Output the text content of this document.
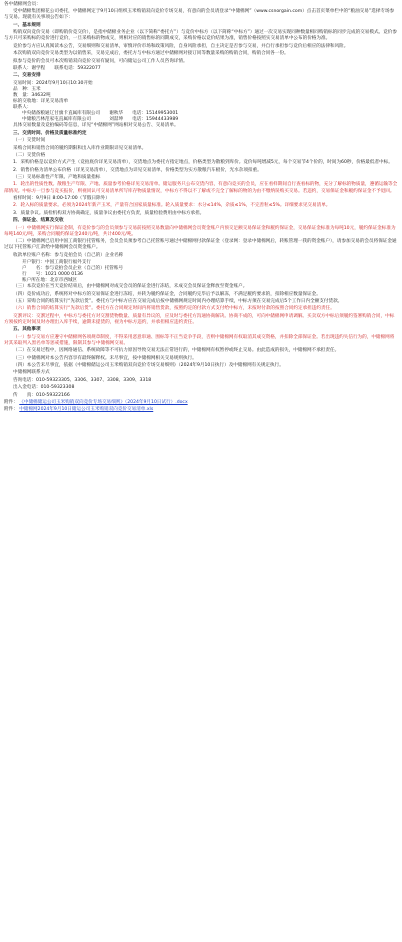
各中储棉网会员：

受中储棉集团棉花公司委托，中储棉网定于9月10日组织玉米购销双向竞价专场交易，有意向的会员请登录“中储棉网”（www.csnorgain.com）点击首页菜单栏中的“粮油交易”选择专场参与交易。现就有关事项公告如下：

一、基本规则

购销双向竞价交易（即购销价竞交价），是指中储棉业务企业（以下简称“委托方”）与竞价中标方（以下简称“中标方”）通过一次交易实现同种数量相同购销标的同步完成的交易模式。竞价参与方只可采购标的竞价进行竞价，一旦采购标的物成交，则相对应的销售标的同期成交，采购价格以竞价结果为准，销售价格按照实交易清单中公布的价格为准。

竞价参与方应认真阅读本公告，交易细则和交易清单，审慎评价市场和政策风险，自身风险承担，自主决定是否参与交易，并自行承担参与竞价后相应的法律和风险。

本次购销双向竞价交易类型为以销售采，交易完成后，委托方与中标方通过中储棉网对接订同等数量采购的购销合同，购销合同各一份。

拟参与竞价的会员可本次购销双向竞价交易有疑问，可向储运公司工作人员咨询详情。

联系人：谢学程　　联系电话：59322077

二、交易安排

交易时间：2024年9月10日10:30开始

品　种：玉米

数　量：34632吨

标的交收地：详见交易清单

联系人：

中央储备粮通辽甘旗卡直属库有限公司　　谢秋华　　电话：15149953001

中储粮吉林范家屯直属库有限公司　　　　刘喆坤　　电话：15944433989

具体交易数量及竞拍编码等信息，详见“中储棉网”网站相对交易公告、交易清单。

三、交货时间、价格及质量标准约定

（一）交货时间

采购合同和销售合同的履约期限和出入库作业期限详见交易清单。

（二）交货价格

1．采购价格是以竞价方式产生（竞拍底价详见交易清单），交货地点为委托方指定地点，价格类型为散粮到库价。竞价每吨增减5元，每个交易节4个价的，时间为60秒，价格最低者中标。

2．销售价格为清单公布价格（详见交易清单），交货地点为详见交易清单，价格类型为实方散粮汽车板价，光水杂项扣重。

（三）交易标准性产年限、产地和质量指标

1．轮出的性质性数。散粮生产年限、产地、质量参考价格详见交易清单。储运服务只公布交货内容，有意向竞买的会员，应在看样期间自行查看标的物，充分了解标的物质量，遵循运输等全部情况。中标方一旦参与竞买报价，则视同认可交易清单所写库存物质量情况，中标方不得以不了解或不完全了解标的物的为由不缴纳误购买交易。若违约，交易保证金和履约保证金不予退回。

看样时间：9月9日 8:00-17:00（节假日除外）

2．轮入标的质量要求。必须为2024年新产玉米，产量符合国家质量标准。轮入质量要求：水分≤14%，杂质≤1%，不完善粒≤5%。详细要求见交易清单。

3．质量争议。质检机构双方协商确定，质量争议由委托方负责，质量检验费用由中标方承担。

四、保证金、结算及交收

（一）中储棉网实行保证金制，有竞价参与的会员须参与交易前按照交易数量向中储棉网会员资金账户内预交足额交易保证金和履约保证金，交易保证金标准为每吨10元，履约保证金标准为每吨140元/吨，采购合同履约保证金240元/吨，共计400元/吨。

（二）中储棉网已启用中国工商银行托管账务，会员会员须参考自己托管账号通过中储棉网付款保证金（登录网：登录中储棉网后，转账管理一我的资金账户），请参加交易的会员将保证金通过以下托管账户汇款给中储棉网会员资金账户。

收款单位账户名称：参与竞拍会员（自己的）企业名称

开户银行：中国工商银行福外支行

户　　名：参与竞拍会员企业（自己的）托管账号

行　　号：1021 0000 0136

账户所在地：北京市西城区

（三）本次竞价在当天竞价结束后，由中储棉网对成交会员的保证金进行冻结，未成交会员保证金释放至资金账户。

（四）竞价成功后，系统将对中标方的交易保证金进行冻结，并转为履约保证金，合同履约完毕后予以解冻，不满足履约要求的，扣除相应数量保证金。

（五）采购合同的结算实行“先款后货”。委托方与中标方应在交易完成后按中储棉网规定时间内办理结算手续，中标方须在交易完成后5个工作日内全额支付货款。

（六）销售合同的结算实行“先款后货”。委托方在合同规定时间内将销售货款，按照约定的付款方式支付给中标方，未按时付款的按照合同约定承担违约责任。

交割评议：交割过程中，中标方与委托方对交割货物数量、质量有异议的，应及时与委托方沟通协商解决。协商不成的，可向中储棉网申请调解。买卖双方中标后须履约签署购销合同，中标方须按约定时间及时办理出入库手续，逾期未提货的，视为中标方违约，并承担相应违约责任。

五、其他事项

（一）参与交易方应遵守中储棉网各项规章制度，不得采用恶意串通、围标等不正当竞争手段，否则中储棉网有权取消其成交资格，并扣除全部保证金。若出现违约失信行为的，中储棉网将对其采取列入黑名单等惩戒措施，限制其参与中储棉网交易。

（二）在交易过程中，因网络通信、系统故障等不可抗力原因导致交易无法正常进行的，中储棉网有权暂停或终止交易。由此造成的损失，中储棉网不承担责任。

（三）中储棉网对本公告内容享有最终解释权。未尽事宜，按中储棉网相关交易规则执行。

（四）本公告未尽事宜，依据《中储棉储运公司玉米购销双向竞价专场交易细则》（2024年9月10日执行）及中储棉网有关规定执行。

中储棉网联系方式

咨询电话：010-59323305、3306、3307、3308、3309、3318

出入金电话：010-59323308

传　　真：010-59322166

附件： 《中储棉储运公司玉米购销双向竞价专场交易细则》（2024年9月10日试行）.docx

附件： 中储棉网2024年9月10日储运公司玉米购销双向竞价交易清单.xls
